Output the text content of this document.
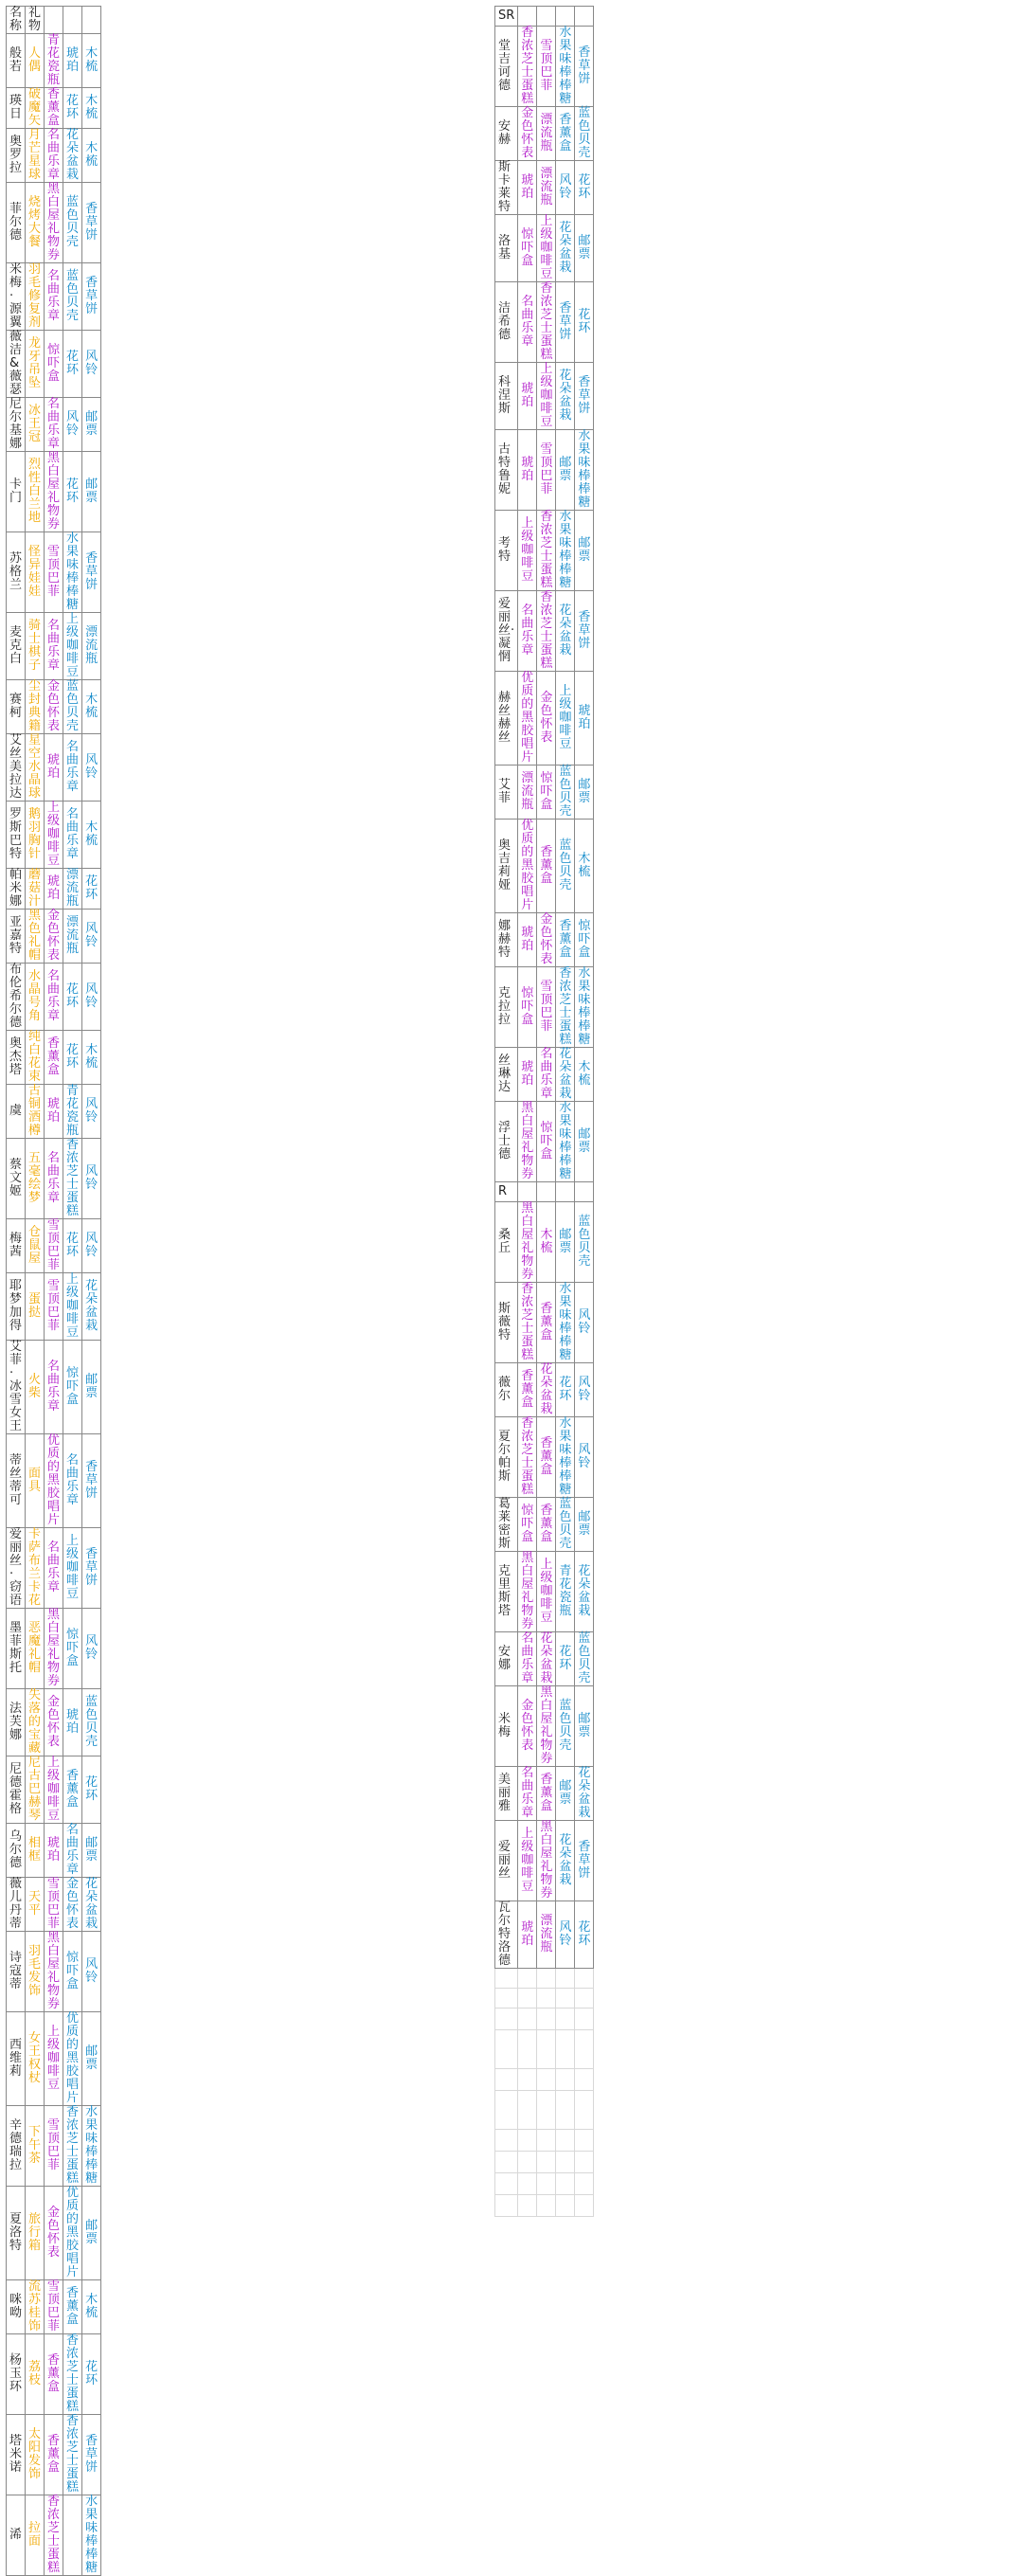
名称	礼物			
般若	人偶	青花瓷瓶	琥珀	木梳
瑛日	破魔矢	香薰盒	花环	木梳
奥罗拉	月芒星球	名曲乐章	花朵盆栽	木梳
菲尔德	烧烤大餐	黑白屋礼物券	蓝色贝壳	香草饼
米梅·源翼	羽毛修复剂	名曲乐章	蓝色贝壳	香草饼
薇洁&薇瑟	龙牙吊坠	惊吓盒	花环	风铃
尼尔基娜	冰王冠	名曲乐章	风铃	邮票
卡门	烈性白兰地	黑白屋礼物券	花环	邮票
苏格兰	怪异娃娃	雪顶巴菲	水果味棒棒糖	香草饼
麦克白	骑士棋子	名曲乐章	上级咖啡豆	漂流瓶
赛柯	尘封典籍	金色怀表	蓝色贝壳	木梳
艾丝美拉达	星空水晶球	琥珀	名曲乐章	风铃
罗斯巴特	鹅羽胸针	上级咖啡豆	名曲乐章	木梳
帕米娜	蘑菇汁	琥珀	漂流瓶	花环
亚嘉特	黑色礼帽	金色怀表	漂流瓶	风铃
布伦希尔德	水晶号角	名曲乐章	花环	风铃
奥杰塔	纯白花束	香薰盒	花环	木梳
虞	古铜酒樽	琥珀	青花瓷瓶	风铃
蔡文姬	五毫绘梦	名曲乐章	香浓芝士蛋糕	风铃
梅茜	仓鼠屋	雪顶巴菲	花环	风铃
耶梦加得	蛋挞	雪顶巴菲	上级咖啡豆	花朵盆栽
艾菲·冰雪女王	火柴	名曲乐章	惊吓盒	邮票
蒂丝蒂可	面具	优质的黑胶唱片	名曲乐章	香草饼
爱丽丝·窃语	卡萨布兰卡花	名曲乐章	上级咖啡豆	香草饼
墨菲斯托	恶魔礼帽	黑白屋礼物券	惊吓盒	风铃
法芙娜	失落的宝藏	金色怀表	琥珀	蓝色贝壳
尼德霍格	尼古巴赫琴	上级咖啡豆	香薰盒	花环
乌尔德	相框	琥珀	名曲乐章	邮票
薇儿丹蒂	天平	雪顶巴菲	金色怀表	花朵盆栽
诗寇蒂	羽毛发饰	黑白屋礼物券	惊吓盒	风铃
西维莉	女王权杖	上级咖啡豆	优质的黑胶唱片	邮票
辛德瑞拉	下午茶	雪顶巴菲	香浓芝士蛋糕	水果味棒棒糖
夏洛特	旅行箱	金色怀表	优质的黑胶唱片	邮票
咪呦	流苏桂饰	雪顶巴菲	香薰盒	木梳
杨玉环	荔枝	香薰盒	香浓芝士蛋糕	花环
塔米诺	太阳发饰	香薰盒	香浓芝士蛋糕	香草饼
浠	拉面	香浓芝士蛋糕		水果味棒棒糖
SR				
堂吉诃德	香浓芝士蛋糕	雪顶巴菲	水果味棒棒糖	香草饼
安赫	金色怀表	漂流瓶	香薰盒	蓝色贝壳
斯卡莱特	琥珀	漂流瓶	风铃	花环
洛基	惊吓盒	上级咖啡豆	花朵盆栽	邮票
洁希德	名曲乐章	香浓芝士蛋糕	香草饼	花环
科涅斯	琥珀	上级咖啡豆	花朵盆栽	香草饼
古特鲁妮	琥珀	雪顶巴菲	邮票	水果味棒棒糖
考特	上级咖啡豆	香浓芝士蛋糕	水果味棒棒糖	邮票
爱丽丝·凝惘	名曲乐章	香浓芝士蛋糕	花朵盆栽	香草饼
赫丝赫丝	优质的黑胶唱片	金色怀表	上级咖啡豆	琥珀
艾菲	漂流瓶	惊吓盒	蓝色贝壳	邮票
奥吉莉娅	优质的黑胶唱片	香薰盒	蓝色贝壳	木梳
娜赫特	琥珀	金色怀表	香薰盒	惊吓盒
克拉拉	惊吓盒	雪顶巴菲	香浓芝士蛋糕	水果味棒棒糖
丝琳达	琥珀	名曲乐章	花朵盆栽	木梳
浮士德	黑白屋礼物券	惊吓盒	水果味棒棒糖	邮票
R				
桑丘	黑白屋礼物券	木梳	邮票	蓝色贝壳
斯薇特	香浓芝士蛋糕	香薰盒	水果味棒棒糖	风铃
薇尔	香薰盒	花朵盆栽	花环	风铃
夏尔帕斯	香浓芝士蛋糕	香薰盒	水果味棒棒糖	风铃
葛莱密斯	惊吓盒	香薰盒	蓝色贝壳	邮票
克里斯塔	黑白屋礼物券	上级咖啡豆	青花瓷瓶	花朵盆栽
安娜	名曲乐章	花朵盆栽	花环	蓝色贝壳
米梅	金色怀表	黑白屋礼物券	蓝色贝壳	邮票
美丽雅	名曲乐章	香薰盒	邮票	花朵盆栽
爱丽丝	上级咖啡豆	黑白屋礼物券	花朵盆栽	香草饼
瓦尔特洛德	琥珀	漂流瓶	风铃	花环
